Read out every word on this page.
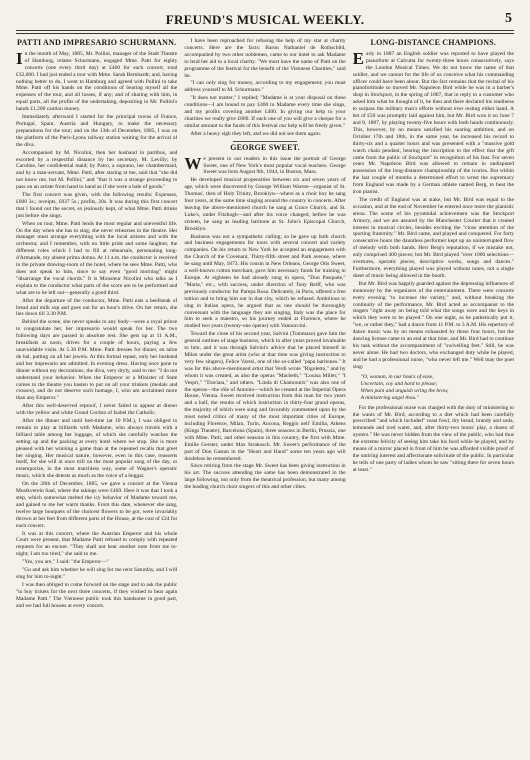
FREUND'S MUSICAL WEEKLY.	5
PATTI AND IMPRESARIO SCHURMANN.

In the month of May, 1885, Mr. Pollini, manager of the Stadt Theatre of Hamburg, relates Schurmann, engaged Mme. Patti for eighty concerts (one every third day) at £400 for each concert, total £32,000. I had just ended a tour with Mme. Sarah Bernhardt; and, having nothing better to do, I went to Hamburg and agreed with Pollini to take Mme. Patti off his hands on the conditions of bearing myself all the expenses of the tour, and all losses, if any; and of sharing with him, in equal parts, all the profits of the undertaking, depositing in Mr. Pollini's hands £1,200 caution money.

Immediately afterward I started for the principal towns of France, Portugal, Spain, Austria and Hungary, to make the necessary preparations for the tour; and on the 13th of December, 1885, I was on the platform of the Paris-Lyons railway station waiting for the arrival of the diva.

Accompanied by M. Nicolini, then her husband in partibus, and escorted by a respectful distance by her secretary, M. Levilly; by Caroline, her confidential maid; by Patro, a soprano, her chambermaid, and by a man-servant, Mme. Patti, after staring at me, said that "she did not know me, but M. Pollini," and "that it was a strange proceeding to pass on an artiste from hand to hand as if she were a bale of goods."

The first concert was given, with the following results: Expenses, £600 3s.; receipts, £837 5s.; profits, 20s. It was during this first concert that I found out the secret, so jealously kept, of what Mme. Patti drinks just before she sings.

When on tour, Mme. Patti lends the most regular and uneventful life. On the day when she has to sing, she never rehearses in the theatre. Her manager must arrange everything with the local artistes and with the orchestra; and I remember, with no little pride and some laughter, the different roles which I had to fill at rehearsals, personating long-d'Armande, my absent prima donna. At 11 a.m. the conductor is received in the private drawing-room of the hotel, where he sees Mme. Patti, who does not speak to him, since to say even "good morning" might "disarrange the vocal chords." It is Monsieur Nicolini who talks as I explain to the conductor what parts of the score are to be performed and what are to be left out—generally a good third.

After the departure of the conductor, Mme. Patti eats a beefsteak of bread and milk sop and goes out for an hour's drive. On her return, she lies down till 3.30 P.M.

Behind the scene, she never speaks to any body—were a royal prince to congratulate her, her impresario would speak for her. The two following days are passed in absolute rest. She gets up at 11 A.M., breakfasts at noon, drives for a couple of hours, paying a few unavoidable visits. At 5.30 P.M. Mme. Patti dresses for dinner, en talon de bal, putting on all her jewels. At this formal repast, only her husband and her impresario are admitted. In evening dress. Having once gone to dinner without my decorations, the diva, very dryly, said to me: "I do not understand your behavior. When the Emperor or a Minister of State comes to the theatre you hasten to put on all your trinkets (medals and crosses), and do not deserve such homage, I, who am acclaimed more than any Emperor."

After this well-deserved reproof, I never failed to appear at dinner with the yellow and white Grand Cordon of Isabel the Catholic.

After the dinner and until bed-time (at 10 P.M.), I was obliged to remain to play at billiards with Madame, who always travels with a billiard table among her luggage, of which she carefully watches the setting up and the packing at every hotel where we stop. She is more pleased with her winning a game than at the repeated recalls that greet her singing. Her musical nature, however, even in this case, reasserts itself, for she will at once trill on the most popular song of the day, or extemporize, in the most matchless way, some of Wagner's operatic music, which she detests as much as the voice of a beggar.

On the 28th of December, 1885, we gave a concert at the Vienna Musikverein Saal, where the takings were £469. Here it was that I took a step, which somewhat melted the icy behavior of Madame toward me, and gained to me her warm thanks. From this date, whenever she sang, twelve large bouquets of the choicest flowers to be got, were invariably thrown at her feet from different parts of the House, at the cost of £24 for each concert.

It was at this concert, where the Austrian Emperor and his whole Court were present, that Madame Patti refused to comply with repeated requests for an encore. "They shall not hear another note from me to-night; I am too tired," she said to me.

"Yes, you are," I said: "the Emperor—"

"Go and ask him whether he will sing for me next Saturday, and I will sing for him to-night."

I was then obliged to come forward on the stage and to ask the public "to buy tickets for the next three concerts, if they wished to hear again Madame Patti." The Viennese public took this handsome in good part, and we had full houses at every concert.

I have been reproached for refusing the help of my star at charity concerts. Here are the facts: Baron Nathaniel de Rothschild, accompanied by two other noblemen, came to our hotel to ask Madame to lend her aid to a local charity. "We must have the name of Patti on the programme of the festival for the benefit of the Viennese Charities," said he.

"I can only sing for money, according to my engagement; you must address yourself to M. Schurmann."

"It does not matter," I replied; "Madame is at your disposal on these conditions—I am bound to pay £400 to Madame every time she sings, and my profits covering another £400. In giving our help to your charities we really give £800. If each one of you will give a cheque for a similar amount to the funds of this festival our help will be freely given."

After a heavy sigh they left, and we did not see them again.

GEORGE SWEET.

We present to our readers in this issue the portrait of George Sweet, one of New York's most popular vocal teachers. George Sweet was born August 9th, 1844, in Boston, Mass.

He developed musical propensities between six and seven years of age, which were discovered by George William Warren—organist of St. Thomas', then of Holy Trinity, Brooklyn—where as a choir boy he sang four years, at the same time singing around the country in concerts. After leaving the above-mentioned church he sang at Grace Church, and St. Luke's, under Fitzhugh—and after his voice changed, before he was sixteen, he sang as leading baritone at St. John's Episcopal Church, Brooklyn.

Business was not a sympathetic calling; so he gave up both church and business engagements for tours with several concert and variety companies. On his return to New York he accepted an engagement with the Church of the Covenant, Thirty-fifth street and Park avenue, where he sang until May, 1873. His cousin in New Orleans, George Otis Sweet, a well-known cotton merchant, gave him necessary funds for training in Europe. At eighteen he had already sung in opera, "Don Pasquale," "Marta," etc., with success, under direction of Tony Reiff, who was previously conductor for Parepa Rosa. Delicately, in Paris, offered a free tuition and to bring him out in that city, which he refused. Ambitious to sing in Italian opera, he argued that as one should be thoroughly conversant with the language they are singing, Italy was the place for him to seek a maestro, so his journey ended at Florence, where he studied two years (twenty-one operas) with Vannuccini.

Toward the close of his second year, Salvini (Tommaso) gave him the general outlines of stage business, which in after years proved invaluable to him, and it was through Salvini's advice that he placed himself in Milan under the great artist (who at that time was giving instruction to very few singers), Felice Varesi, one of the so-called "papa baritones." It was for this above-mentioned artist that Verdi wrote "Rigoletto," and by whom it was created, as also the operas "Macbeth," "Louisa Miller," "I Vespri," "Traviata," and others. "Linda di Chamounix" was also one of the operas—the rôle of Antonio—which he created at the Imperial Opera House, Vienna. Sweet received instruction from this man for two years and a half, the results of which instruction in thirty-four grand operas, the majority of which were sung and favorably commented upon by the most noted critics of many of the most important cities of Europe, including Florence, Milan, Turin, Ancona, Reggio nell' Emilia, Athens (Kings Theatre), Barcelona (Spain), three seasons in Berlin, Prussia, one with Mme. Patti, and other seasons in this country, the first with Mme. Emilie Gerster, under Max Strakosch. Mr. Sweet's performance of the part of Don Gastan in the "Heart and Hand" some ten years ago will doubtless be remembered.

Since retiring from the stage Mr. Sweet has been giving instruction in his art. The success attending the same has been demonstrated in the large following, not only from the theatrical profession, but many among the leading church choir singers of this and other cities.

LONG-DISTANCE CHAMPIONS.

Early in 1887 an English soldier was reported to have played the pianoforte at Calcutta for twenty-three hours consecutively, says the London Musical Times. We do not know the name of that soldier, and we cannot for the life of us conceive what his commanding officer could have been about. But the fact remains that the recital of his pianofortitude so moved Mr. Napoleon Bird while he was in a barber's shop in Stockport, in the spring of 1887, that in reply to a customer who asked him what he thought of it, he then and there declared his readiness to surpass the military man's efforts without ever resting either hand. A bet of £50 was promptly laid against him, but Mr. Bird won it on June 7 and 8, 1887, by playing twenty-five hours with both hands continuously. This, however, by no means satisfied his soaring ambition, and on October 17th and 18th, in the same year, he increased his record to thirty-six and a quarter hours and was presented with a "massive gold watch chain pendant, bearing the inscription to the effect that the gift came from the public of Stockport" in recognition of his feat. For seven years Mr. Napoleon Bird was allowed to remain in undisputed possession of the long-distance championship of the ivories. But within the last couple of months a determined effort to wrest the supremacy from England was made by a German athlete named Berg, to beat the iron pianist.

The credit of England was at stake, but Mr. Bird was equal to the occasion, and at the end of November he entered once more the pianistic arena. The scene of his pyramidal achievement was the Stockport Armory, and we are assured by the Manchester Courier that it created interest in musical circles, besides exciting the "close attention of the sporting fraternity." Mr. Bird came, and played and conquered. For forty consecutive hours the dauntless performer kept up an uninterrupted flow of melody with both hands. Herr Berg's reputation, if we mistake not, only comprised 400 pieces; but Mr. Bird played "over 1000 selections—overtures, operatic pieces, descriptive works, songs and dances." Furthermore, everything played was played without notes, not a single sheet of music being allowed in the booth.

But Mr. Bird was happily guarded against the depressing influences of monotony by the organizers of the entertainment. There were concerts every evening "to increase the variety," and, without breaking the continuity of the performance, Mr. Bird acted as accompanist to the singers "right away on being told what the songs were and the keys in which they were to be played." On one night, as he pathetically put it, "we, or rather they," had a dance from 11 P.M. to 3 A.M. His repertory of dance music was by no means exhausted by those four hours, but the dancing license came to an end at that time, and Mr. Bird had to continue his task without the accompaniment of "swivelling feet." Still, he was never alone. He had two doctors, who exchanged duty while he played, and he had a professional nurse, "who never left me." Well may the poet sing:

"O, woman, in our hours of ease,
Uncertain, coy and hard to please;
When pain and anguish wring the brow,
A ministering angel thou."

For the professional nurse was charged with the duty of ministering to the wants of Mr. Bird, according to a diet which had been carefully prescribed "and which included" roast fowl, dry bread, brandy and soda, lemonade and iced water, and, after thirty-two hours' play, a dozen of oysters." He was never hidden from the view of the public, who had thus the extreme felicity of seeing him take his food while he played, and by means of a mirror placed in front of him he was afforded visible proof of the untiring interest and affectionate solicitude of the public. In particular he tells of one party of ladies whom he saw "sitting there for seven hours at least."
